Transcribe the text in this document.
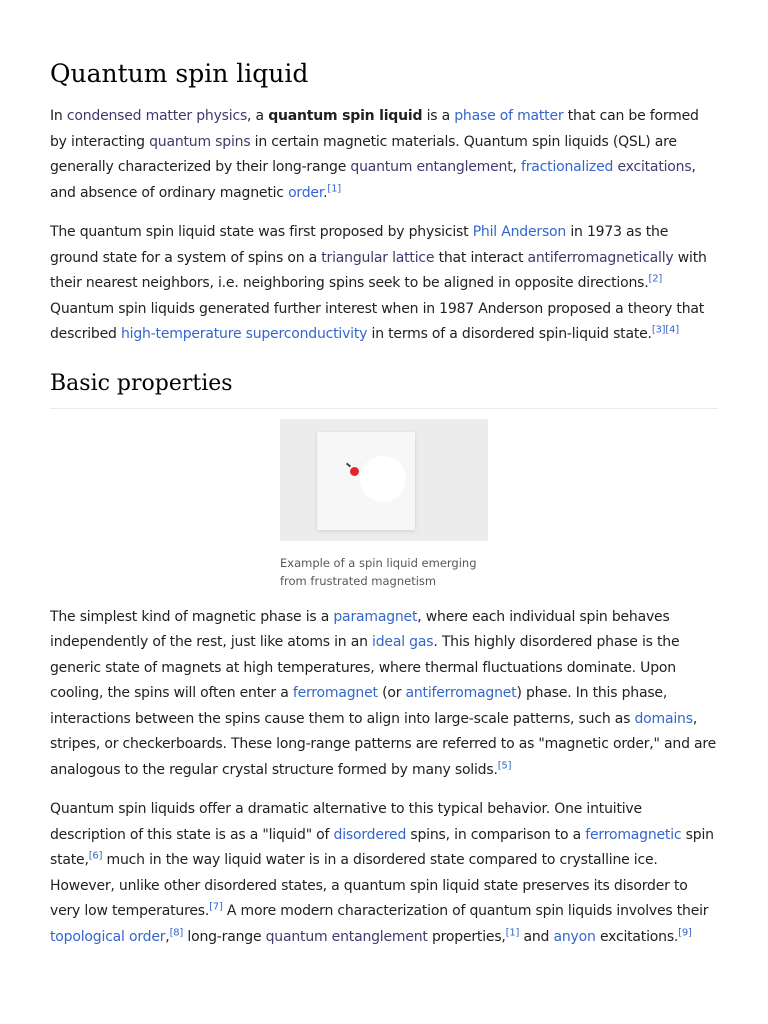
Quantum spin liquid

In condensed matter physics, a quantum spin liquid is a phase of matter that can be formed by interacting quantum spins in certain magnetic materials. Quantum spin liquids (QSL) are generally characterized by their long-range quantum entanglement, fractionalized excitations, and absence of ordinary magnetic order.[1]

The quantum spin liquid state was first proposed by physicist Phil Anderson in 1973 as the ground state for a system of spins on a triangular lattice that interact antiferromagnetically with their nearest neighbors, i.e. neighboring spins seek to be aligned in opposite directions.[2] Quantum spin liquids generated further interest when in 1987 Anderson proposed a theory that described high-temperature superconductivity in terms of a disordered spin-liquid state.[3][4]

Basic properties
Example of a spin liquid emerging from frustrated magnetism

The simplest kind of magnetic phase is a paramagnet, where each individual spin behaves independently of the rest, just like atoms in an ideal gas. This highly disordered phase is the generic state of magnets at high temperatures, where thermal fluctuations dominate. Upon cooling, the spins will often enter a ferromagnet (or antiferromagnet) phase. In this phase, interactions between the spins cause them to align into large-scale patterns, such as domains, stripes, or checkerboards. These long-range patterns are referred to as "magnetic order," and are analogous to the regular crystal structure formed by many solids.[5]

Quantum spin liquids offer a dramatic alternative to this typical behavior. One intuitive description of this state is as a "liquid" of disordered spins, in comparison to a ferromagnetic spin state,[6] much in the way liquid water is in a disordered state compared to crystalline ice. However, unlike other disordered states, a quantum spin liquid state preserves its disorder to very low temperatures.[7] A more modern characterization of quantum spin liquids involves their topological order,[8] long-range quantum entanglement properties,[1] and anyon excitations.[9]
